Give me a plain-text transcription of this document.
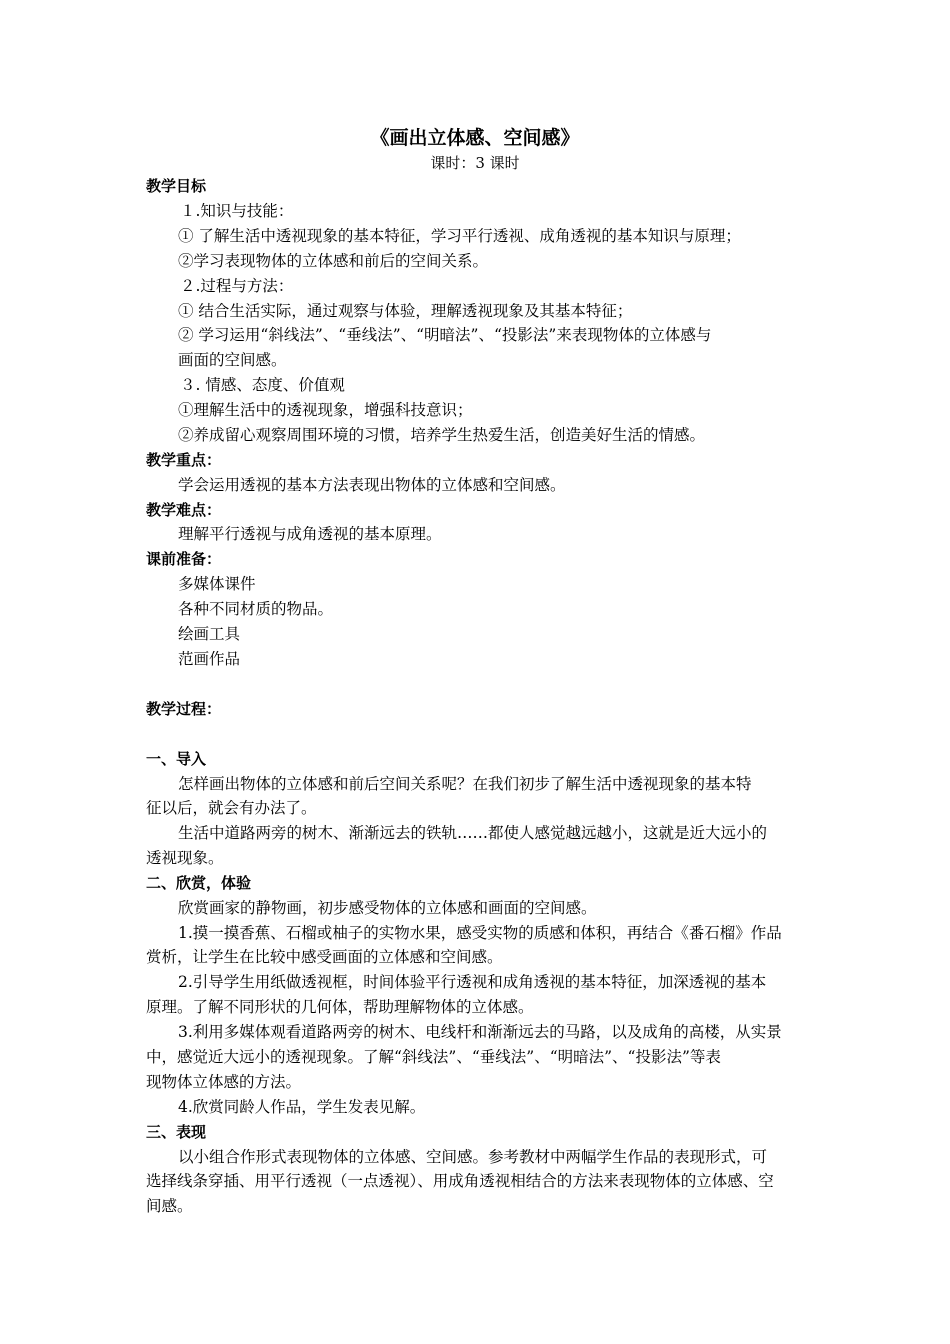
《画出立体感、空间感》
课时：3 课时
教学目标
１.知识与技能：
① 了解生活中透视现象的基本特征，学习平行透视、成角透视的基本知识与原理；
②学习表现物体的立体感和前后的空间关系。
２.过程与方法：
① 结合生活实际，通过观察与体验，理解透视现象及其基本特征；
② 学习运用“斜线法”、“垂线法”、“明暗法”、“投影法”来表现物体的立体感与
画面的空间感。
３. 情感、态度、价值观
①理解生活中的透视现象，增强科技意识；
②养成留心观察周围环境的习惯，培养学生热爱生活，创造美好生活的情感。
教学重点：
学会运用透视的基本方法表现出物体的立体感和空间感。
教学难点：
理解平行透视与成角透视的基本原理。
课前准备：
多媒体课件
各种不同材质的物品。
绘画工具
范画作品
教学过程：
一、导入
怎样画出物体的立体感和前后空间关系呢？在我们初步了解生活中透视现象的基本特
征以后，就会有办法了。
生活中道路两旁的树木、渐渐远去的铁轨……都使人感觉越远越小，这就是近大远小的
透视现象。
二、欣赏，体验
欣赏画家的静物画，初步感受物体的立体感和画面的空间感。
1.摸一摸香蕉、石榴或柚子的实物水果，感受实物的质感和体积，再结合《番石榴》作品
赏析，让学生在比较中感受画面的立体感和空间感。
2.引导学生用纸做透视框，时间体验平行透视和成角透视的基本特征，加深透视的基本
原理。了解不同形状的几何体，帮助理解物体的立体感。
3.利用多媒体观看道路两旁的树木、电线杆和渐渐远去的马路，以及成角的高楼，从实景
中，感觉近大远小的透视现象。了解“斜线法”、“垂线法”、“明暗法”、“投影法”等表
现物体立体感的方法。
4.欣赏同龄人作品，学生发表见解。
三、表现
以小组合作形式表现物体的立体感、空间感。参考教材中两幅学生作品的表现形式，可
选择线条穿插、用平行透视（一点透视）、用成角透视相结合的方法来表现物体的立体感、空
间感。
